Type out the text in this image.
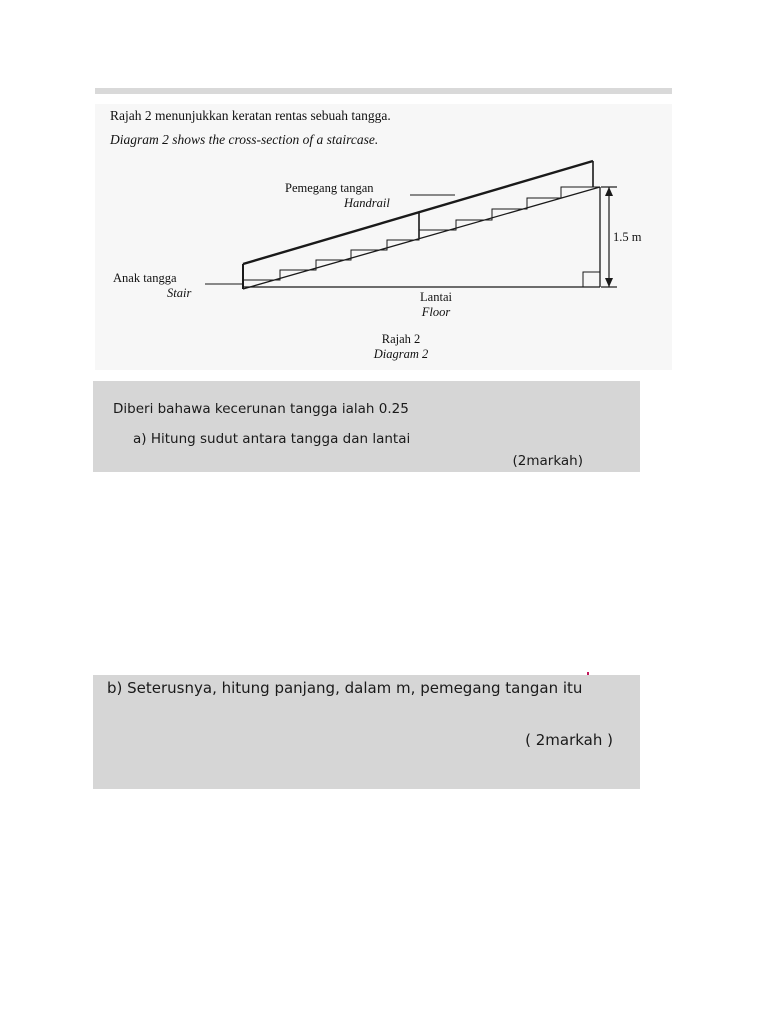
Rajah 2 menunjukkan keratan rentas sebuah tangga.
Diagram 2 shows the cross-section of a staircase.
Pemegang tangan
Handrail
Anak tangga
Stair	Lantai
Floor
1.5 m
Rajah 2
Diagram 2
Diberi bahawa kecerunan tangga ialah 0.25
a) Hitung sudut antara tangga dan lantai
(2markah)
b) Seterusnya, hitung panjang, dalam m, pemegang tangan itu
( 2markah )
